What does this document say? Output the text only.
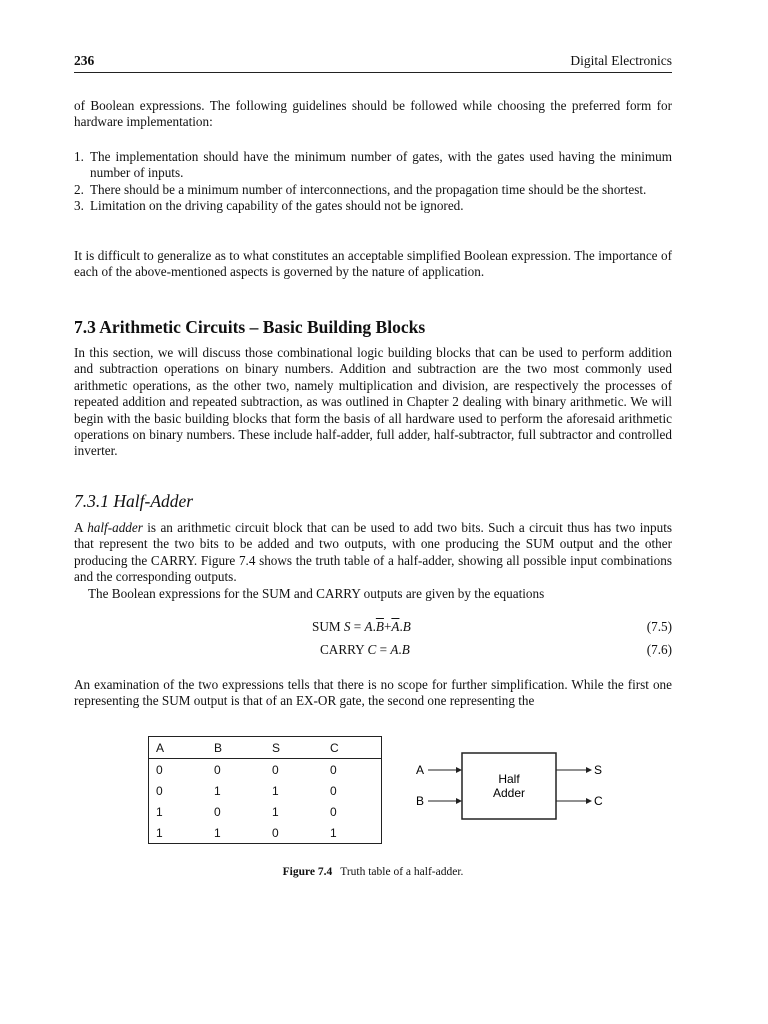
236	Digital Electronics

of Boolean expressions. The following guidelines should be followed while choosing the preferred form for hardware implementation:

1. The implementation should have the minimum number of gates, with the gates used having the minimum number of inputs.
2. There should be a minimum number of interconnections, and the propagation time should be the shortest.
3. Limitation on the driving capability of the gates should not be ignored.

It is difficult to generalize as to what constitutes an acceptable simplified Boolean expression. The importance of each of the above-mentioned aspects is governed by the nature of application.

7.3 Arithmetic Circuits – Basic Building Blocks

In this section, we will discuss those combinational logic building blocks that can be used to perform addition and subtraction operations on binary numbers. Addition and subtraction are the two most commonly used arithmetic operations, as the other two, namely multiplication and division, are respectively the processes of repeated addition and repeated subtraction, as was outlined in Chapter 2 dealing with binary arithmetic. We will begin with the basic building blocks that form the basis of all hardware used to perform the aforesaid arithmetic operations on binary numbers. These include half-adder, full adder, half-subtractor, full subtractor and controlled inverter.

7.3.1 Half-Adder

A half-adder is an arithmetic circuit block that can be used to add two bits. Such a circuit thus has two inputs that represent the two bits to be added and two outputs, with one producing the SUM output and the other producing the CARRY. Figure 7.4 shows the truth table of a half-adder, showing all possible input combinations and the corresponding outputs.

The Boolean expressions for the SUM and CARRY outputs are given by the equations

SUM $S = A.\overline{B}+\overline{A}.B$	(7.5)
CARRY C = A.B	(7.6)

An examination of the two expressions tells that there is no scope for further simplification. While the first one representing the SUM output is that of an EX-OR gate, the second one representing the

A	B	S	C
0	0	0	0
0	1	1	0
1	0	1	0
1	1	0	1
Half
Adder
A
B
S
C
Figure 7.4 Truth table of a half-adder.
